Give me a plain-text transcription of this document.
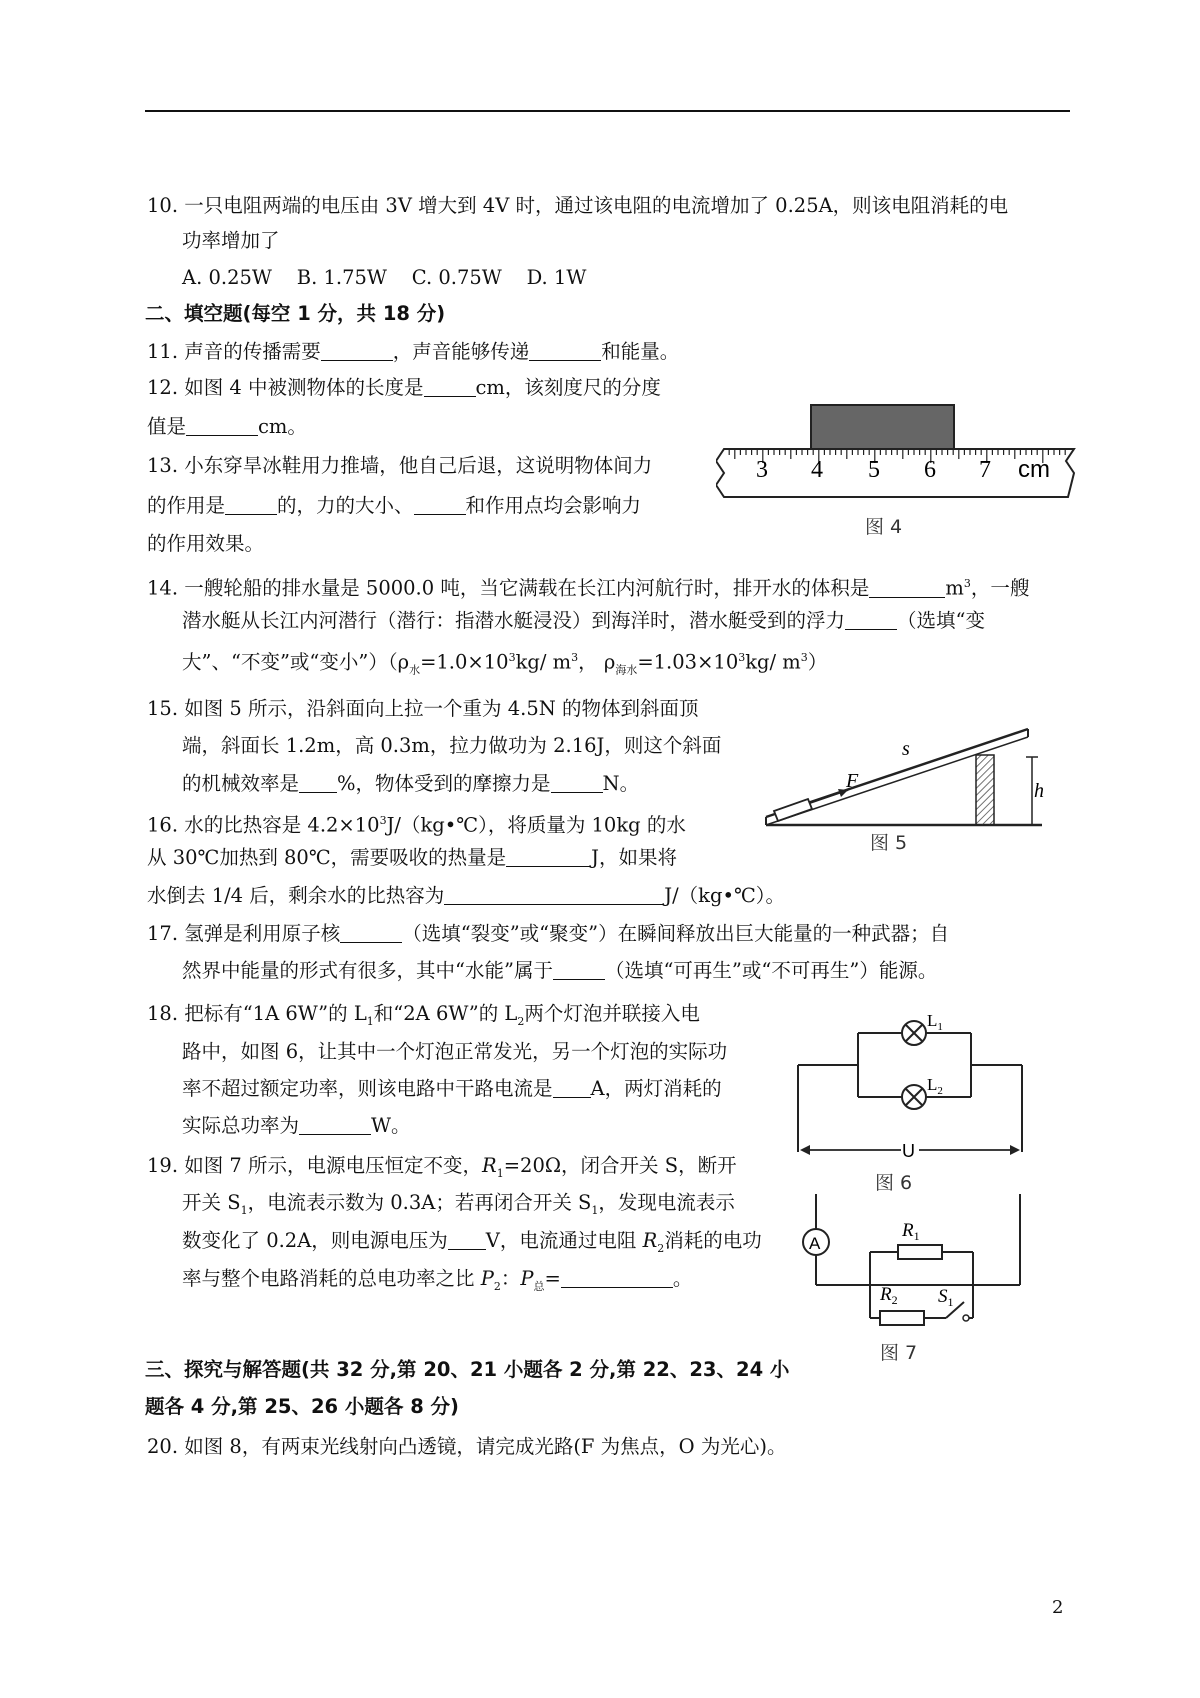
10. 一只电阻两端的电压由 3V 增大到 4V 时，通过该电阻的电流增加了 0.25A，则该电阻消耗的电
功率增加了
A. 0.25W    B. 1.75W    C. 0.75W    D. 1W
二、填空题(每空 1 分，共 18 分)
11. 声音的传播需要	，声音能够传递	和能量。
12. 如图 4 中被测物体的长度是	cm，该刻度尺的分度
值是	cm。
13. 小东穿旱冰鞋用力推墙，他自己后退，这说明物体间力
的作用是	的，力的大小、	和作用点均会影响力
的作用效果。
3 4 5 6 7 cm
图 4
14. 一艘轮船的排水量是 5000.0 吨，当它满载在长江内河航行时，排开水的体积是	$m^3$，一艘
潜水艇从长江内河潜行（潜行：指潜水艇浸没）到海洋时，潜水艇受到的浮力	（选填“变
大”、“不变”或“变小$”)(\rho_水=1.0\times 10^3kg/$ $m^3$， $\rho_{海水}=1.03\times 10^3kg/$ $m^3$）
15. 如图 5 所示，沿斜面向上拉一个重为 4.5N 的物体到斜面顶
端，斜面长 1.2m，高 0.3m，拉力做功为 2.16J，则这个斜面
的机械效率是 %，物体受到的摩擦力是	N。	F
s
h
图 5
16. 水的比热容是 $4.2\times 10^3J/(kg•℃)$，将质量为 10kg 的水
从 30℃加热到 80℃，需要吸收的热量是	J，如果将
水倒去 1/4 后，剩余水的比热容为	J/（kg•℃）。
17. 氢弹是利用原子核	（选填“裂变”或“聚变”）在瞬间释放出巨大能量的一种武器；自
然界中能量的形式有很多，其中“水能”属于	（选填“可再生”或“不可再生”）能源。
18. 把标有“1A 6W”的 $L_1$和“2A 6W”的 $L_2$两个灯泡并联接入电
路中，如图 6，让其中一个灯泡正常发光，另一个灯泡的实际功
率不超过额定功率，则该电路中干路电流是 A，两灯消耗的
实际总功率为	W。
$L_1$
$L_2$
U
图 6
19. 如图 7 所示，电源电压恒定不变，$R_1=20\Omega$，闭合开关 S，断开
开关 $S_1$，电流表示数为 0.3A；若再闭合开关 $S_1$，发现电流表示
数变化了 0.2A，则电源电压为 V，电流通过电阻 $R_2$消耗的电功
率与整个电路消耗的总电功率之比 $P_2$：$P_总=$	。
A
$R_1$
$R_2$ $S_1$
图 7
三、探究与解答题(共 32 分,第 20、21 小题各 2 分,第 22、23、24 小
题各 4 分,第 25、26 小题各 8 分)
20. 如图 8，有两束光线射向凸透镜，请完成光路(F 为焦点，O 为光心)。
2
